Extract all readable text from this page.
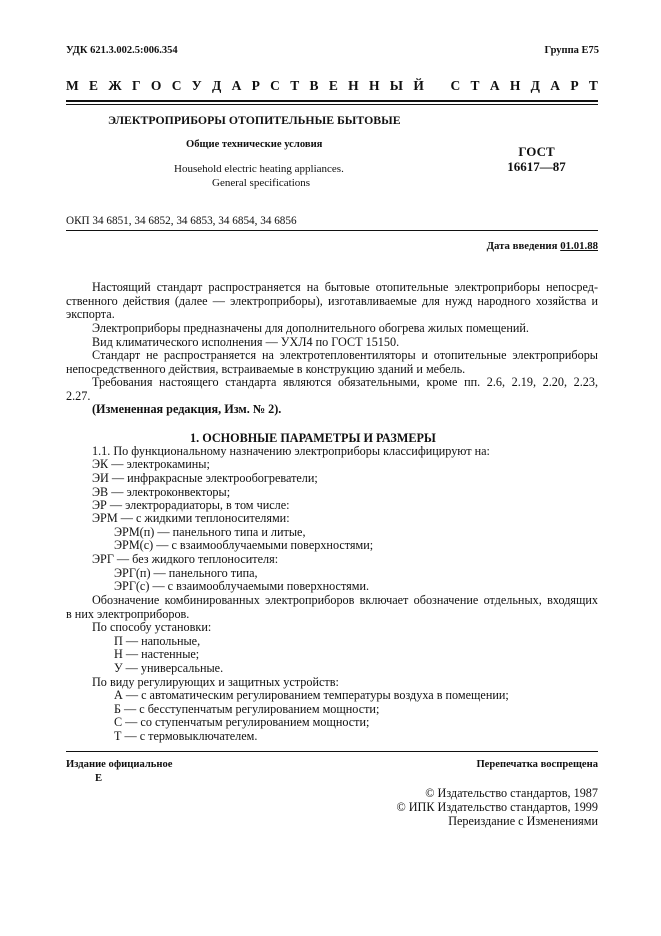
УДК 621.3.002.5:006.354	Группа Е75
М Е Ж Г О С У Д А Р С Т В Е Н Н Ы Й С Т А Н Д А Р Т
ЭЛЕКТРОПРИБОРЫ ОТОПИТЕЛЬНЫЕ БЫТОВЫЕ
Общие технические условия
Household electric heating appliances.
General specifications
ГОСТ
16617—87
ОКП 34 6851, 34 6852, 34 6853, 34 6854, 34 6856
Дата введения 01.01.88
Настоящий стандарт распространяется на бытовые отопительные электроприборы непосред-
ственного действия (далее — электроприборы), изготавливаемые для нужд народного хозяйства и
экспорта.
Электроприборы предназначены для дополнительного обогрева жилых помещений.
Вид климатического исполнения — УХЛ4 по ГОСТ 15150.
Стандарт не распространяется на электротепловентиляторы и отопительные электроприборы
непосредственного действия, встраиваемые в конструкцию зданий и мебель.
Требования настоящего стандарта являются обязательными, кроме пп. 2.6, 2.19, 2.20, 2.23,
2.27.
(Измененная редакция, Изм. № 2).
1. ОСНОВНЫЕ ПАРАМЕТРЫ И РАЗМЕРЫ
1.1. По функциональному назначению электроприборы классифицируют на:
ЭК — электрокамины;
ЭИ — инфракрасные электрообогреватели;
ЭВ — электроконвекторы;
ЭР — электрорадиаторы, в том числе:
ЭРМ — с жидкими теплоносителями:
ЭРМ(п) — панельного типа и литые,
ЭРМ(с) — с взаимооблучаемыми поверхностями;
ЭРГ — без жидкого теплоносителя:
ЭРГ(п) — панельного типа,
ЭРГ(с) — с взаимооблучаемыми поверхностями.
Обозначение комбинированных электроприборов включает обозначение отдельных, входящих
в них электроприборов.
По способу установки:
П — напольные,
Н — настенные;
У — универсальные.
По виду регулирующих и защитных устройств:
А — с автоматическим регулированием температуры воздуха в помещении;
Б — с бесступенчатым регулированием мощности;
С — со ступенчатым регулированием мощности;
Т — с термовыключателем.
Издание официальное
Е
Перепечатка воспрещена
© Издательство стандартов, 1987
© ИПК Издательство стандартов, 1999
Переиздание с Изменениями
